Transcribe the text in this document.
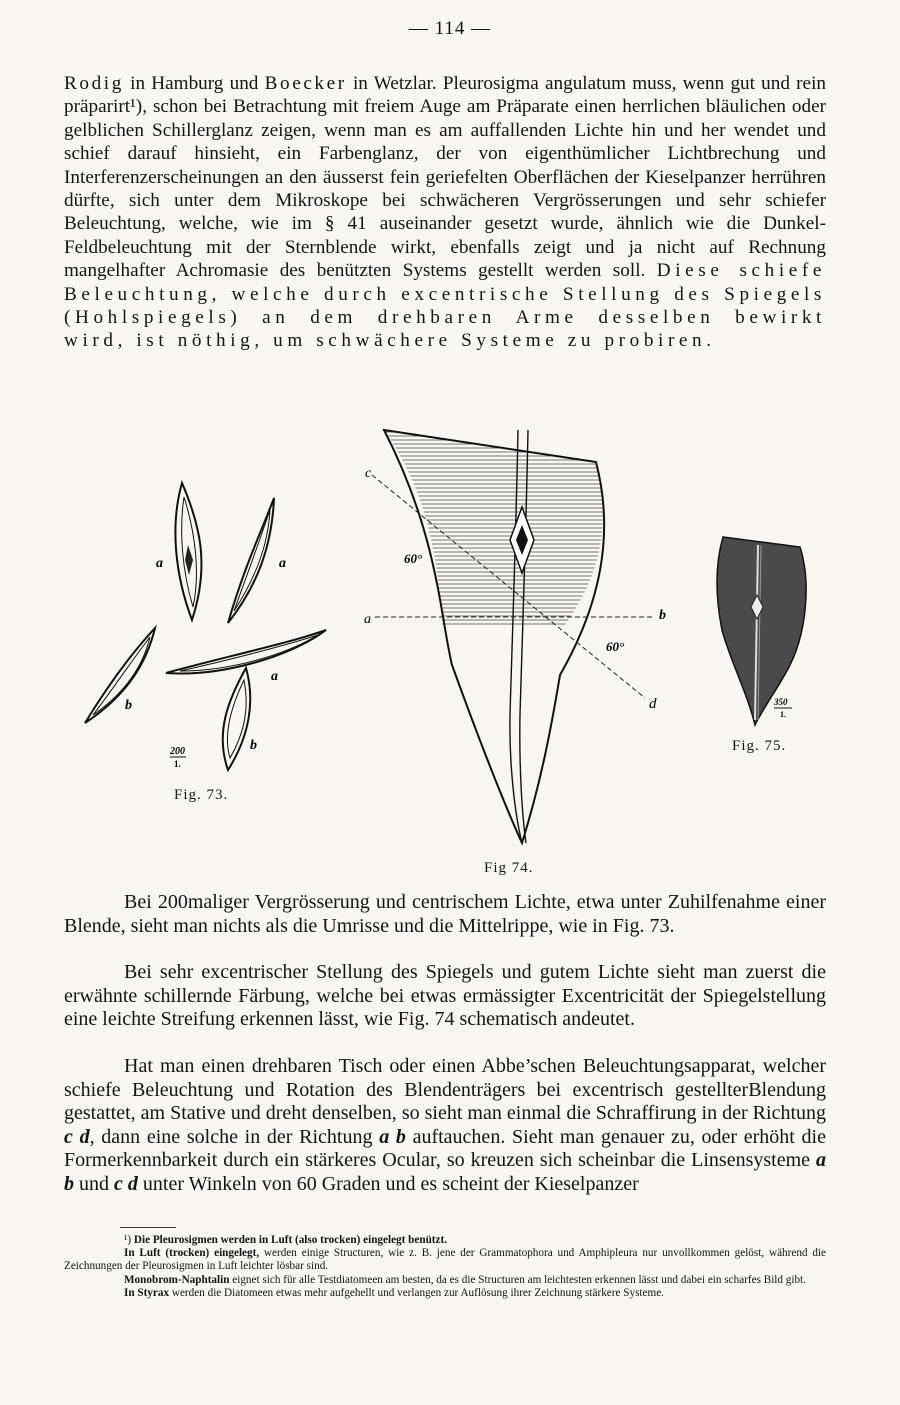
— 114 —

Rodig in Hamburg und Boecker in Wetzlar. Pleurosigma angulatum muss, wenn gut und rein präparirt¹), schon bei Betrachtung mit freiem Auge am Präparate einen herrlichen bläulichen oder gelblichen Schillerglanz zeigen, wenn man es am auffallenden Lichte hin und her wendet und schief darauf hinsieht, ein Farbenglanz, der von eigenthümlicher Lichtbrechung und Interferenzerscheinungen an den äusserst fein geriefelten Oberflächen der Kieselpanzer herrühren dürfte, sich unter dem Mikroskope bei schwächeren Vergrösserungen und sehr schiefer Beleuchtung, welche, wie im § 41 auseinander gesetzt wurde, ähnlich wie die Dunkel-Feldbeleuchtung mit der Sternblende wirkt, ebenfalls zeigt und ja nicht auf Rechnung mangelhafter Achromasie des benützten Systems gestellt werden soll. Diese schiefe Beleuchtung, welche durch excentrische Stellung des Spiegels (Hohlspiegels) an dem drehbaren Arme desselben bewirkt wird, ist nöthig, um schwächere Systeme zu probiren.

a	a
a
b
b
200
1.
c
a	b
d
60°
60°
350
1.
Fig. 73.
Fig 74.
Fig. 75.

Bei 200maliger Vergrösserung und centrischem Lichte, etwa unter Zuhilfenahme einer Blende, sieht man nichts als die Umrisse und die Mittelrippe, wie in Fig. 73.

Bei sehr excentrischer Stellung des Spiegels und gutem Lichte sieht man zuerst die erwähnte schillernde Färbung, welche bei etwas ermässigter Excentricität der Spiegelstellung eine leichte Streifung erkennen lässt, wie Fig. 74 schematisch andeutet.

Hat man einen drehbaren Tisch oder einen Abbe’schen Beleuchtungsapparat, welcher schiefe Beleuchtung und Rotation des Blendenträgers bei excentrisch gestellterBlendung gestattet, am Stative und dreht denselben, so sieht man einmal die Schraffirung in der Richtung c d, dann eine solche in der Richtung a b auftauchen. Sieht man genauer zu, oder erhöht die Formerkennbarkeit durch ein stärkeres Ocular, so kreuzen sich scheinbar die Linsensysteme a b und c d unter Winkeln von 60 Graden und es scheint der Kieselpanzer

¹) Die Pleurosigmen werden in Luft (also trocken) eingelegt benützt.

In Luft (trocken) eingelegt, werden einige Structuren, wie z. B. jene der Grammatophora und Amphipleura nur unvollkommen gelöst, während die Zeichnungen der Pleurosigmen in Luft leichter lösbar sind.

Monobrom-Naphtalin eignet sich für alle Testdiatomeen am besten, da es die Structuren am leichtesten erkennen lässt und dabei ein scharfes Bild gibt.

In Styrax werden die Diatomeen etwas mehr aufgehellt und verlangen zur Auflösung ihrer Zeichnung stärkere Systeme.
